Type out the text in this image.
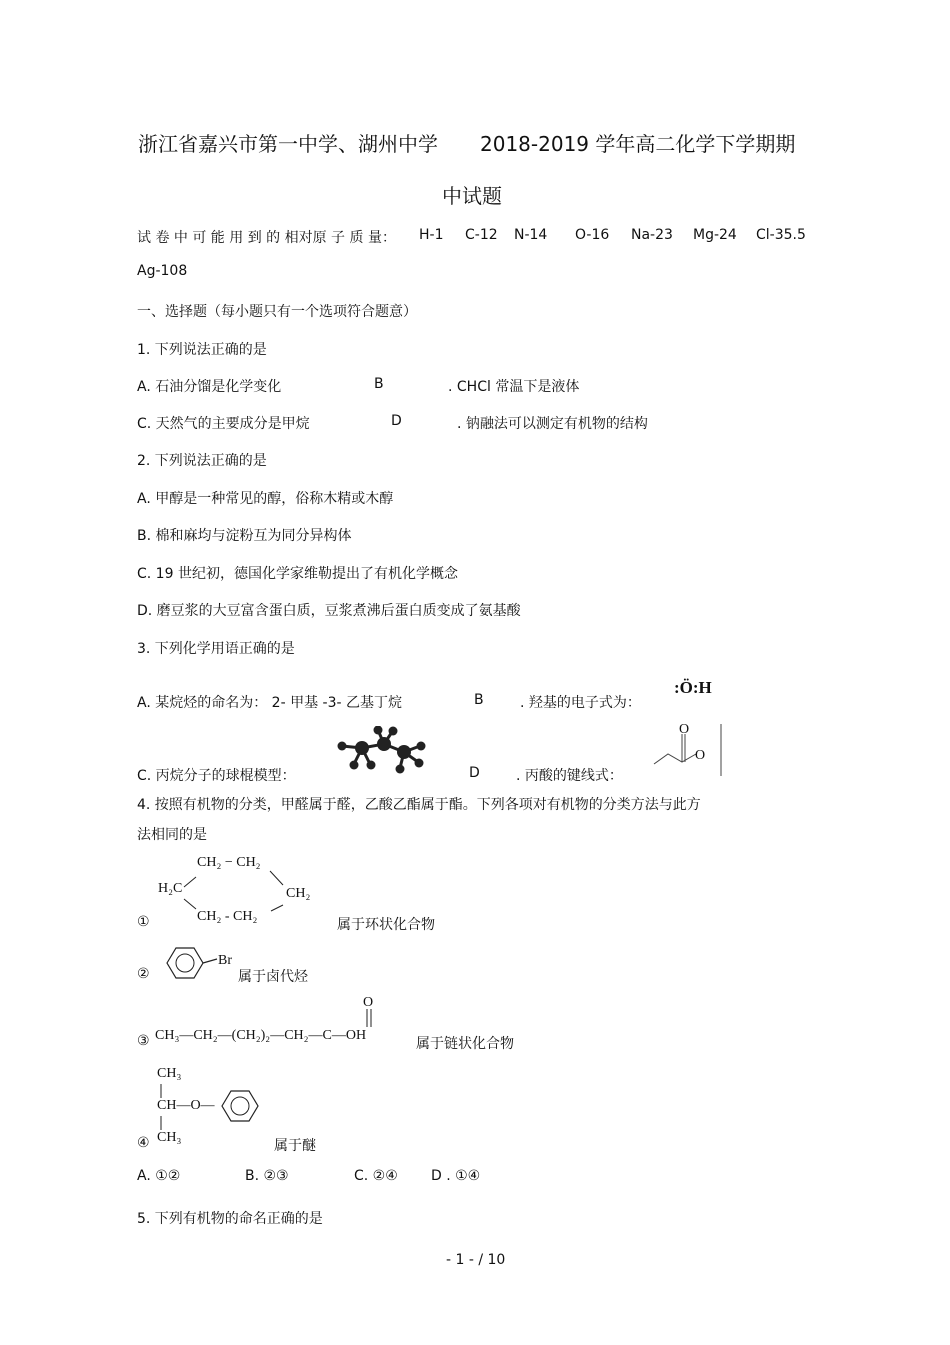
浙江省嘉兴市第一中学、湖州中学 2018-2019 学年高二化学下学期期
中试题
试 卷 中 可 能 用 到 的 相对原 子 质 量： H-1 C-12 N-14 O-16 Na-23 Mg-24 Cl-35.5
Ag-108
一、选择题（每小题只有一个选项符合题意）
1. 下列说法正确的是
A. 石油分馏是化学变化	B	. CHCl 常温下是液体
C. 天然气的主要成分是甲烷	D	. 钠融法可以测定有机物的结构
2. 下列说法正确的是
A. 甲醇是一种常见的醇，俗称木精或木醇
B. 棉和麻均与淀粉互为同分异构体
C. 19 世纪初，德国化学家维勒提出了有机化学概念
D. 磨豆浆的大豆富含蛋白质，豆浆煮沸后蛋白质变成了氨基酸
3. 下列化学用语正确的是
A. 某烷烃的命名为： 2- 甲基 -3- 乙基丁烷	B	. 羟基的电子式为：
:Ö:H
C. 丙烷分子的球棍模型：	D	. 丙酸的键线式：
O
O
4. 按照有机物的分类，甲醛属于醛，乙酸乙酯属于酯。下列各项对有机物的分类方法与此方
法相同的是
CH₂ − CH₂
H₂C	CH₂
CH₂ - CH₂
①	属于环状化合物
②
Br
属于卤代烃
O
③ CH₃—CH₂—(CH₂)₂—CH₂—C—OH
属于链状化合物
CH₃
CH—O—
CH₃
④	属于醚
A. ①②	B. ②③	C. ②④ D . ①④
5. 下列有机物的命名正确的是
- 1 - / 10
